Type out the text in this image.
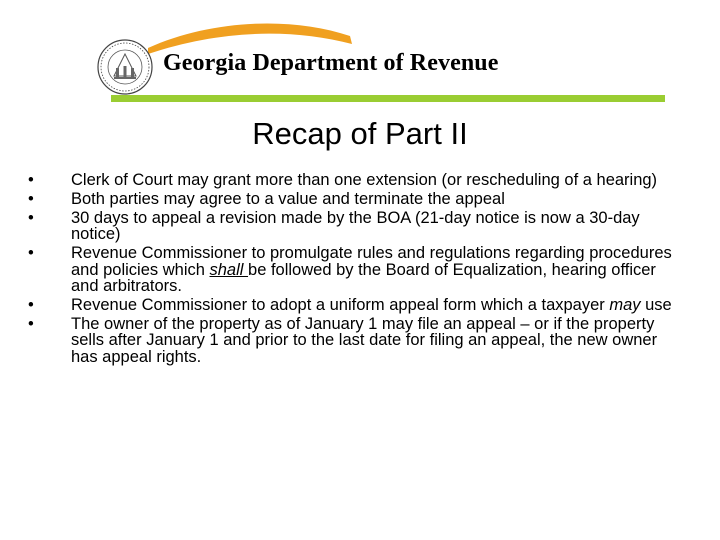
Georgia Department of Revenue
Recap of Part II
• Clerk of Court may grant more than one extension (or rescheduling of a hearing)
• Both parties may agree to a value and terminate the appeal
• 30 days to appeal a revision made by the BOA (21-day notice is now a 30-day notice)
• Revenue Commissioner to promulgate rules and regulations regarding procedures and policies which shall be followed by the Board of Equalization, hearing officer and arbitrators.
• Revenue Commissioner to adopt a uniform appeal form which a taxpayer may use
• The owner of the property as of January 1 may file an appeal – or if the property sells after January 1 and prior to the last date for filing an appeal, the new owner has appeal rights.
